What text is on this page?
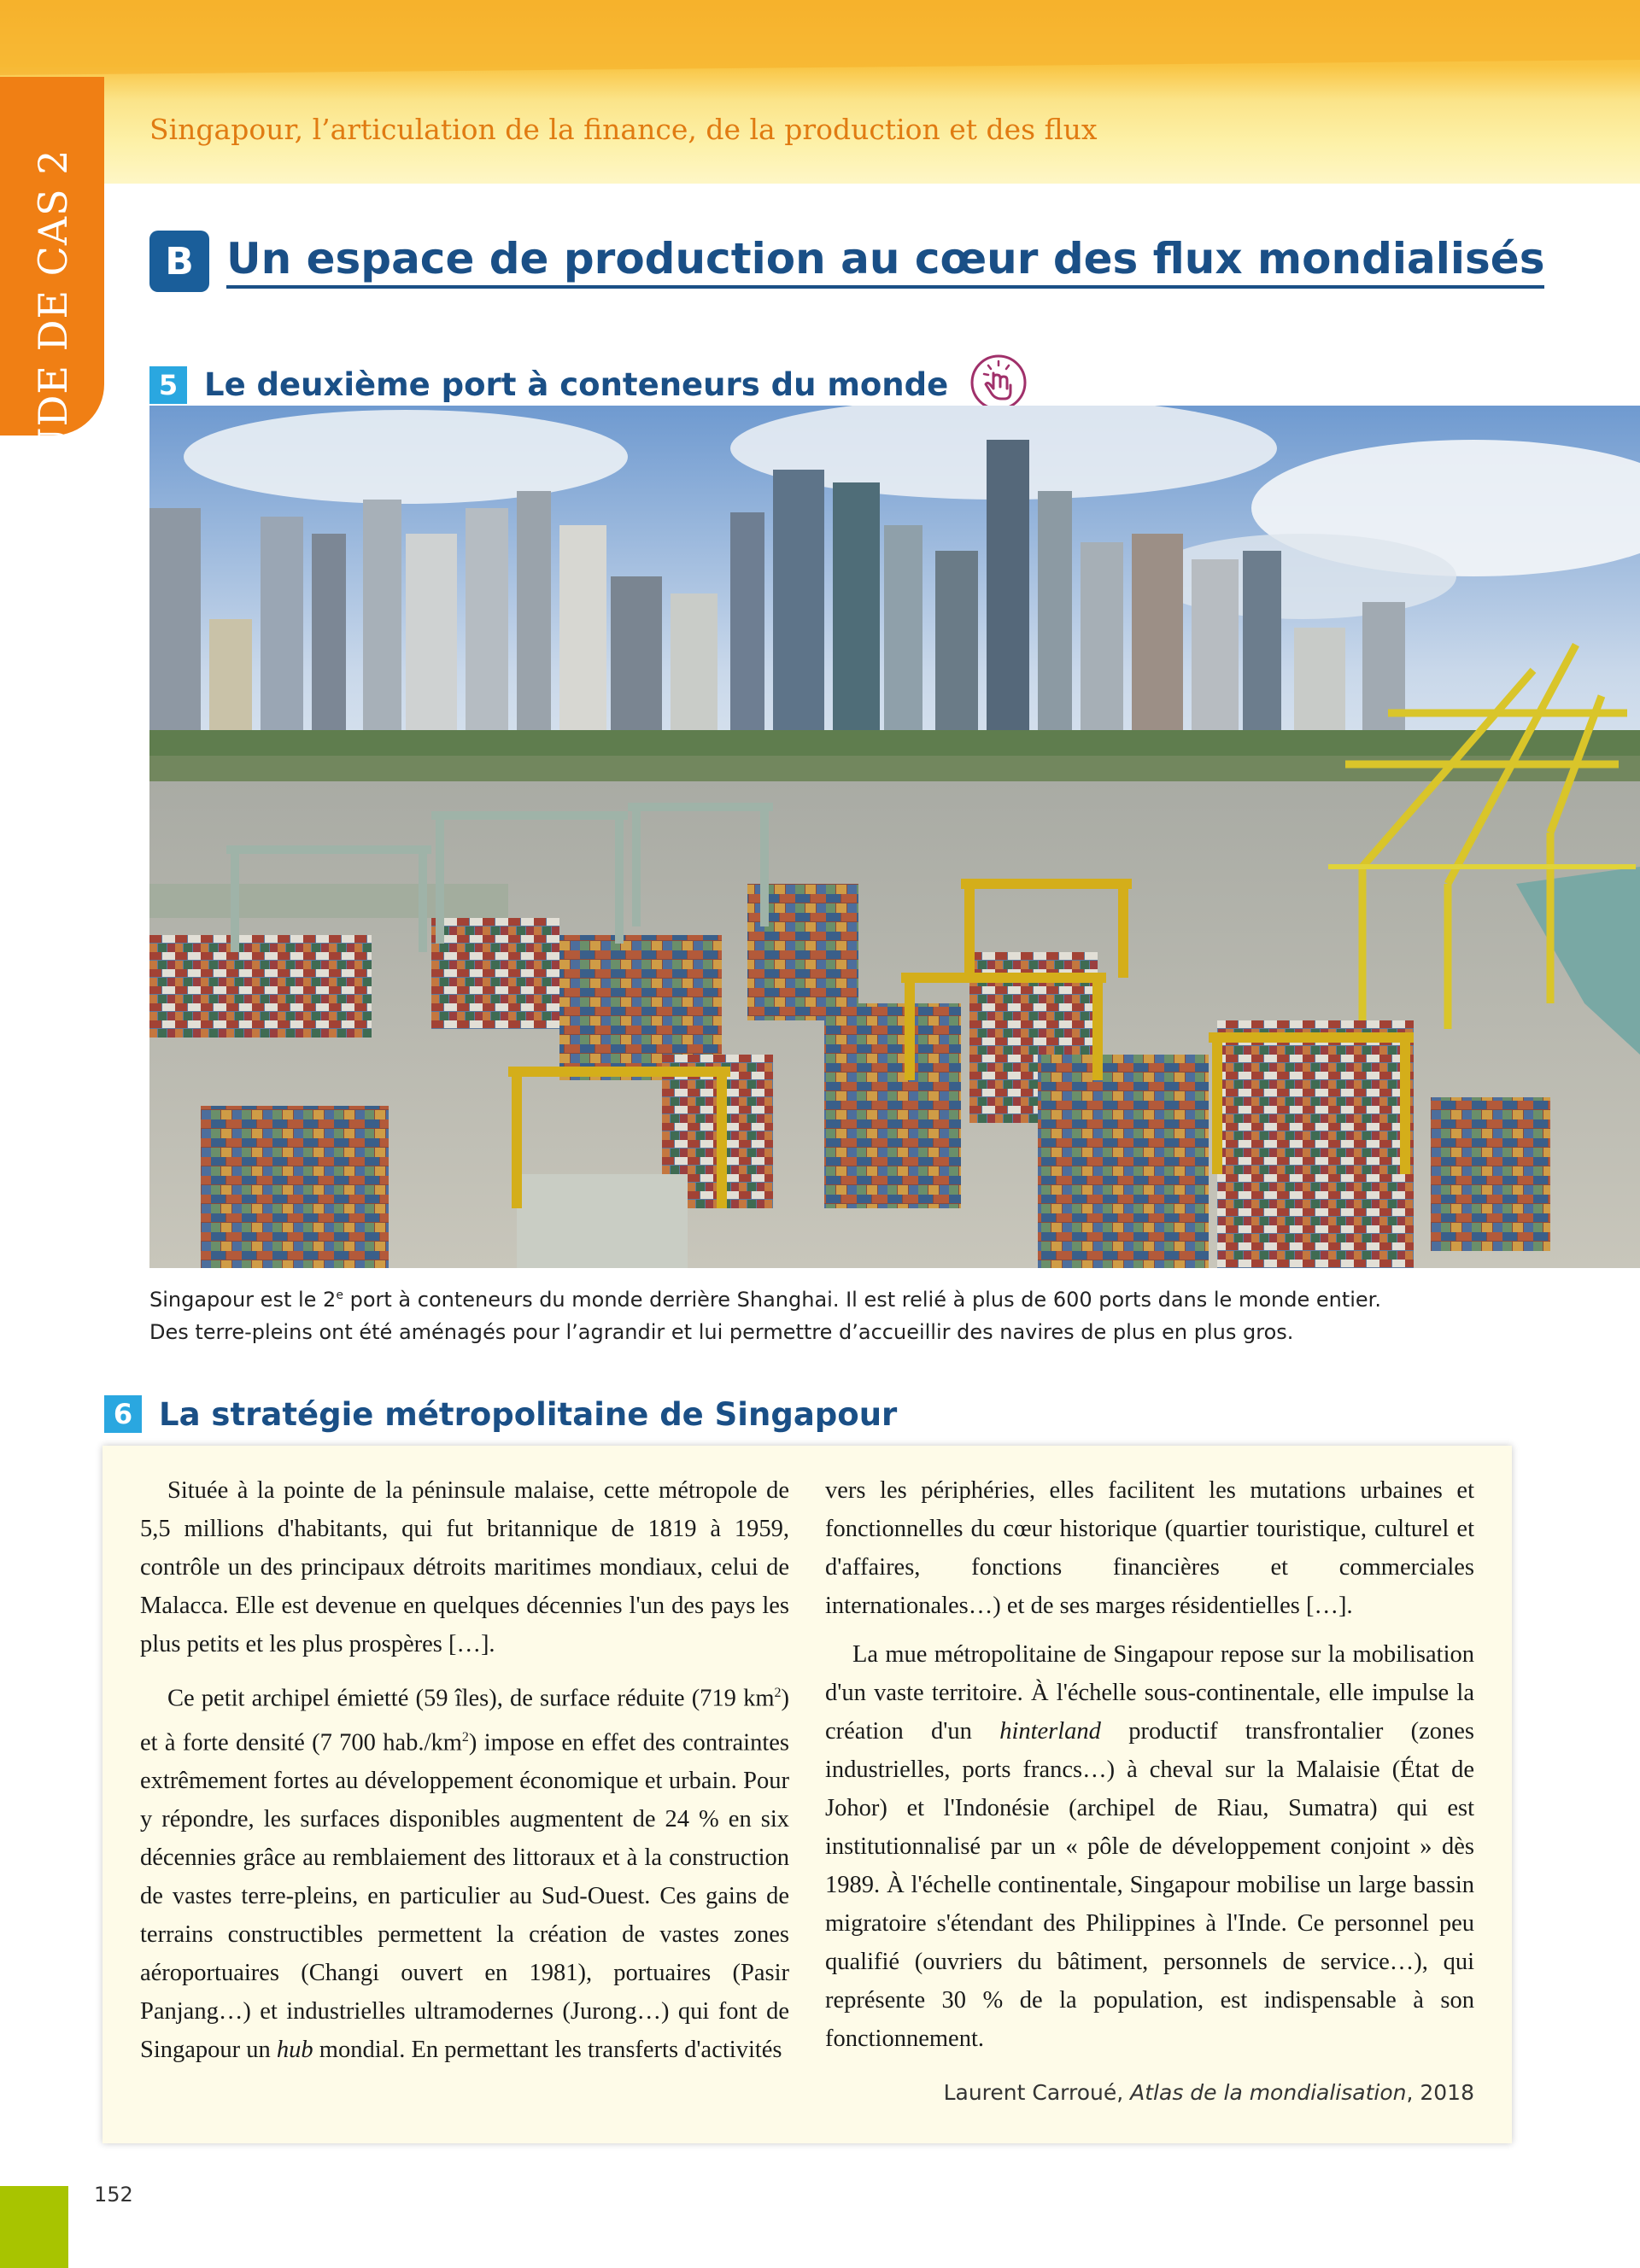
ÉTUDE DE CAS 2
Singapour, l’articulation de la finance, de la production et des flux
B Un espace de production au cœur des flux mondialisés
5 Le deuxième port à conteneurs du monde
Singapour est le 2e port à conteneurs du monde derrière Shanghai. Il est relié à plus de 600 ports dans le monde entier.
Des terre-pleins ont été aménagés pour l’agrandir et lui permettre d’accueillir des navires de plus en plus gros.
6 La stratégie métropolitaine de Singapour

Située à la pointe de la péninsule malaise, cette métropole de 5,5 millions d'habitants, qui fut britannique de 1819 à 1959, contrôle un des principaux détroits maritimes mondiaux, celui de Malacca. Elle est devenue en quelques décennies l'un des pays les plus petits et les plus prospères […].

Ce petit archipel émietté (59 îles), de surface réduite (719 $km^2$) et à forte densité (7 700 $hab./km^2$) impose en effet des contraintes extrêmement fortes au développement économique et urbain. Pour y répondre, les surfaces disponibles augmentent de 24 % en six décennies grâce au remblaiement des littoraux et à la construction de vastes terre-pleins, en particulier au Sud-Ouest. Ces gains de terrains constructibles permettent la création de vastes zones aéroportuaires (Changi ouvert en 1981), portuaires (Pasir Panjang…) et industrielles ultramodernes (Jurong…) qui font de Singapour un hub mondial. En permettant les transferts d'activités

vers les périphéries, elles facilitent les mutations urbaines et fonctionnelles du cœur historique (quartier touristique, culturel et d'affaires, fonctions financières et commerciales internationales…) et de ses marges résidentielles […].

La mue métropolitaine de Singapour repose sur la mobilisation d'un vaste territoire. À l'échelle sous-continentale, elle impulse la création d'un hinterland productif transfrontalier (zones industrielles, ports francs…) à cheval sur la Malaisie (État de Johor) et l'Indonésie (archipel de Riau, Sumatra) qui est institutionnalisé par un « pôle de développement conjoint » dès 1989. À l'échelle continentale, Singapour mobilise un large bassin migratoire s'étendant des Philippines à l'Inde. Ce personnel peu qualifié (ouvriers du bâtiment, personnels de service…), qui représente 30 % de la population, est indispensable à son fonctionnement.

Laurent Carroué, Atlas de la mondialisation, 2018
152
